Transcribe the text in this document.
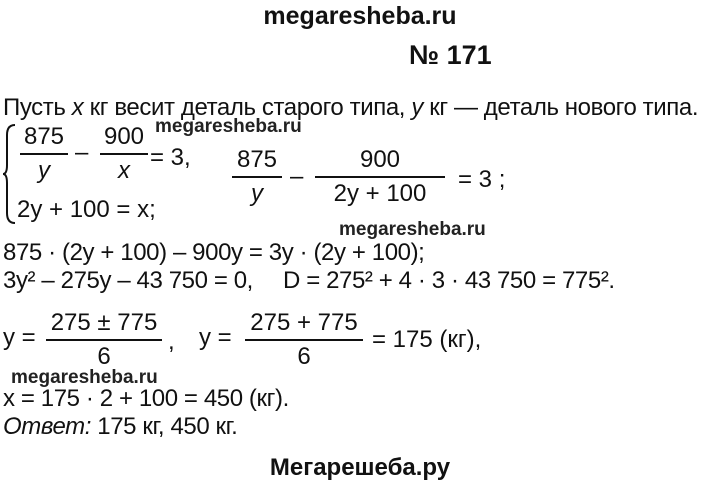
megaresheba.ru
№ 171
Пусть x кг весит деталь старого типа, y кг — деталь нового типа.
megaresheba.ru
875
y
–
900
x = 3,
2y + 100 = x;
875
y
–
900
2y + 100
= 3 ;
megaresheba.ru
875 · (2y + 100) – 900y = 3y · (2y + 100);
3y² – 275y – 43 750 = 0, D = 275² + 4 · 3 · 43 750 = 775².
y =
275 ± 775
6
, y =
275 + 775
6
= 175 (кг),
megaresheba.ru
x = 175 · 2 + 100 = 450 (кг).
Ответ: 175 кг, 450 кг.
Мегарешеба.ру
